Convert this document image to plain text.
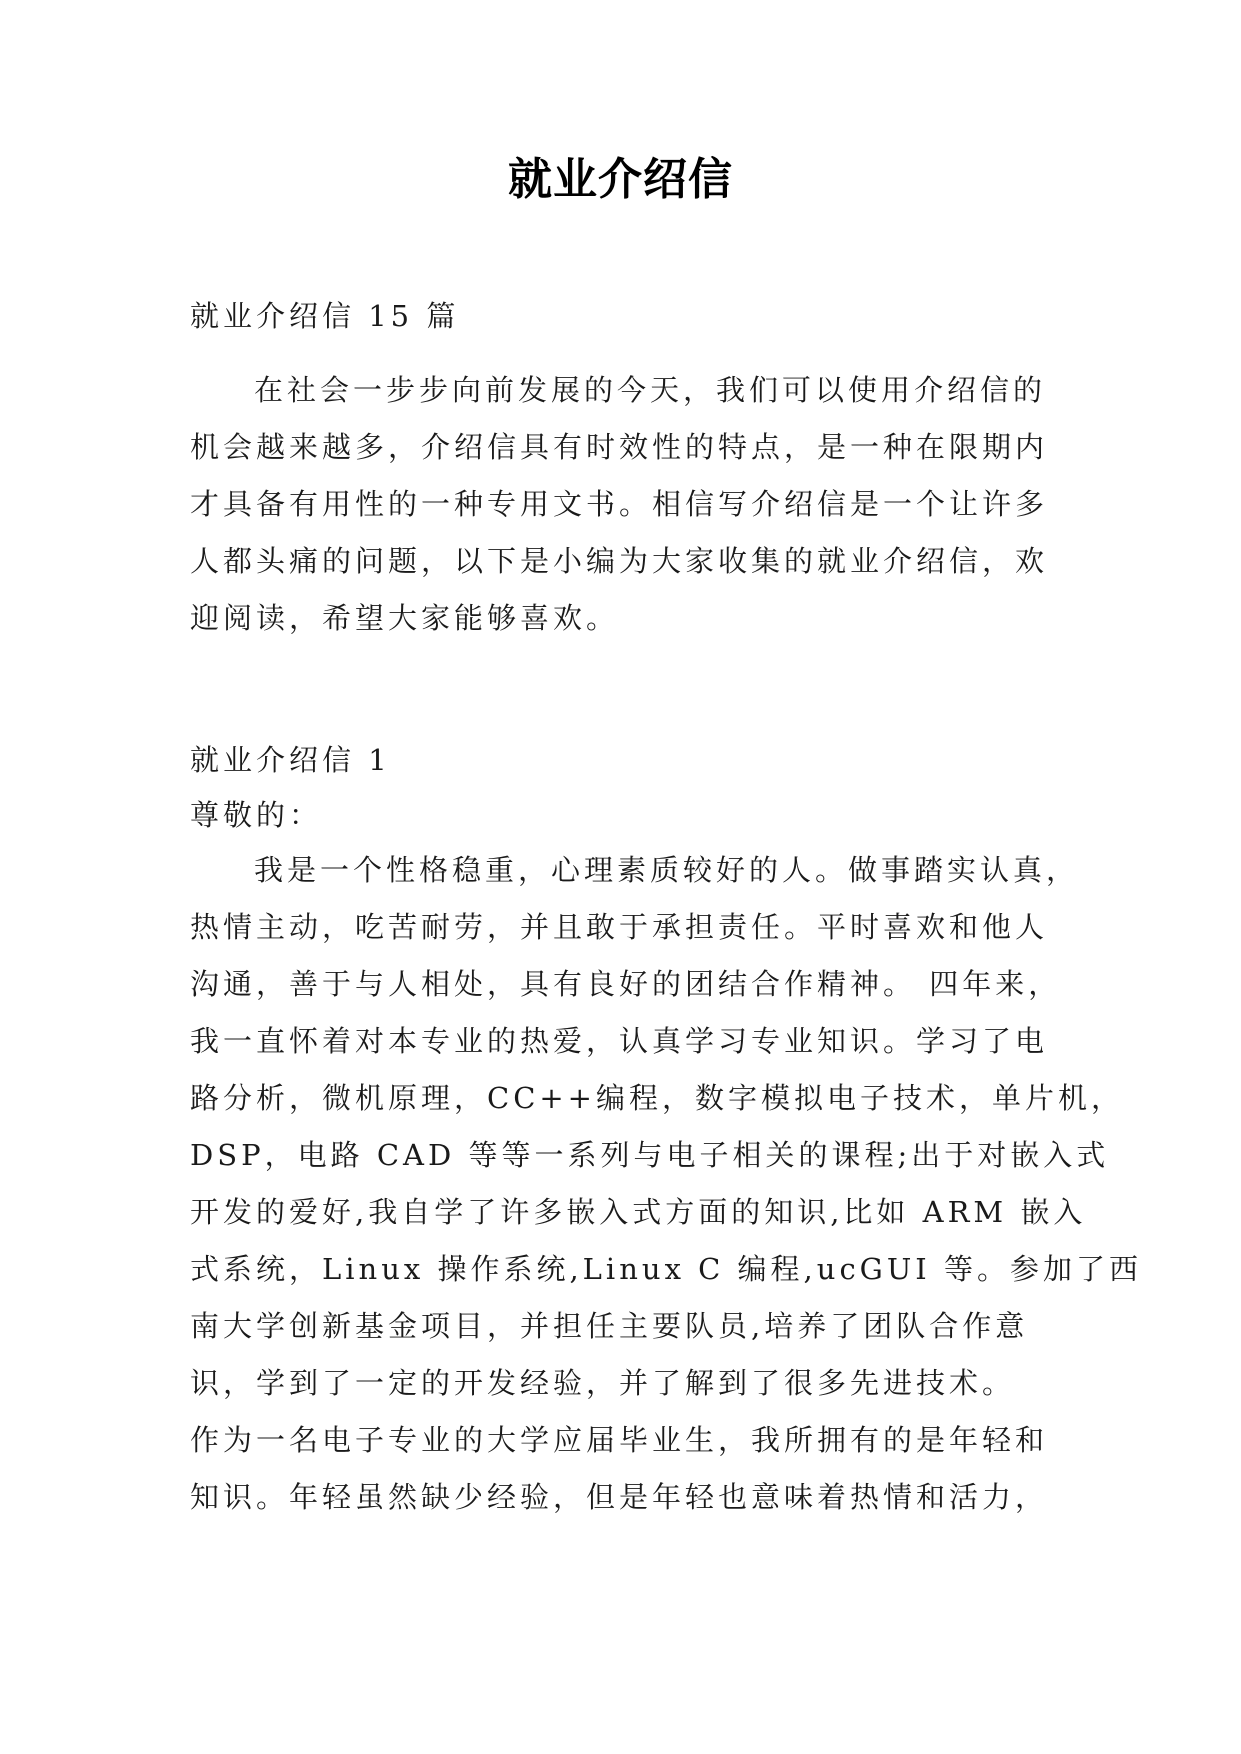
就业介绍信
就业介绍信 15 篇
在社会一步步向前发展的今天，我们可以使用介绍信的
机会越来越多，介绍信具有时效性的特点，是一种在限期内
才具备有用性的一种专用文书。相信写介绍信是一个让许多
人都头痛的问题，以下是小编为大家收集的就业介绍信，欢
迎阅读，希望大家能够喜欢。
就业介绍信 1
尊敬的：
我是一个性格稳重，心理素质较好的人。做事踏实认真，
热情主动，吃苦耐劳，并且敢于承担责任。平时喜欢和他人
沟通，善于与人相处，具有良好的团结合作精神。 四年来，
我一直怀着对本专业的热爱，认真学习专业知识。学习了电
路分析，微机原理，CC++编程，数字模拟电子技术，单片机，
DSP，电路 CAD 等等一系列与电子相关的课程;出于对嵌入式
开发的爱好,我自学了许多嵌入式方面的知识,比如 ARM 嵌入
式系统，Linux 操作系统,Linux C 编程,ucGUI 等。参加了西
南大学创新基金项目，并担任主要队员,培养了团队合作意
识，学到了一定的开发经验，并了解到了很多先进技术。
作为一名电子专业的大学应届毕业生，我所拥有的是年轻和
知识。年轻虽然缺少经验，但是年轻也意味着热情和活力，
